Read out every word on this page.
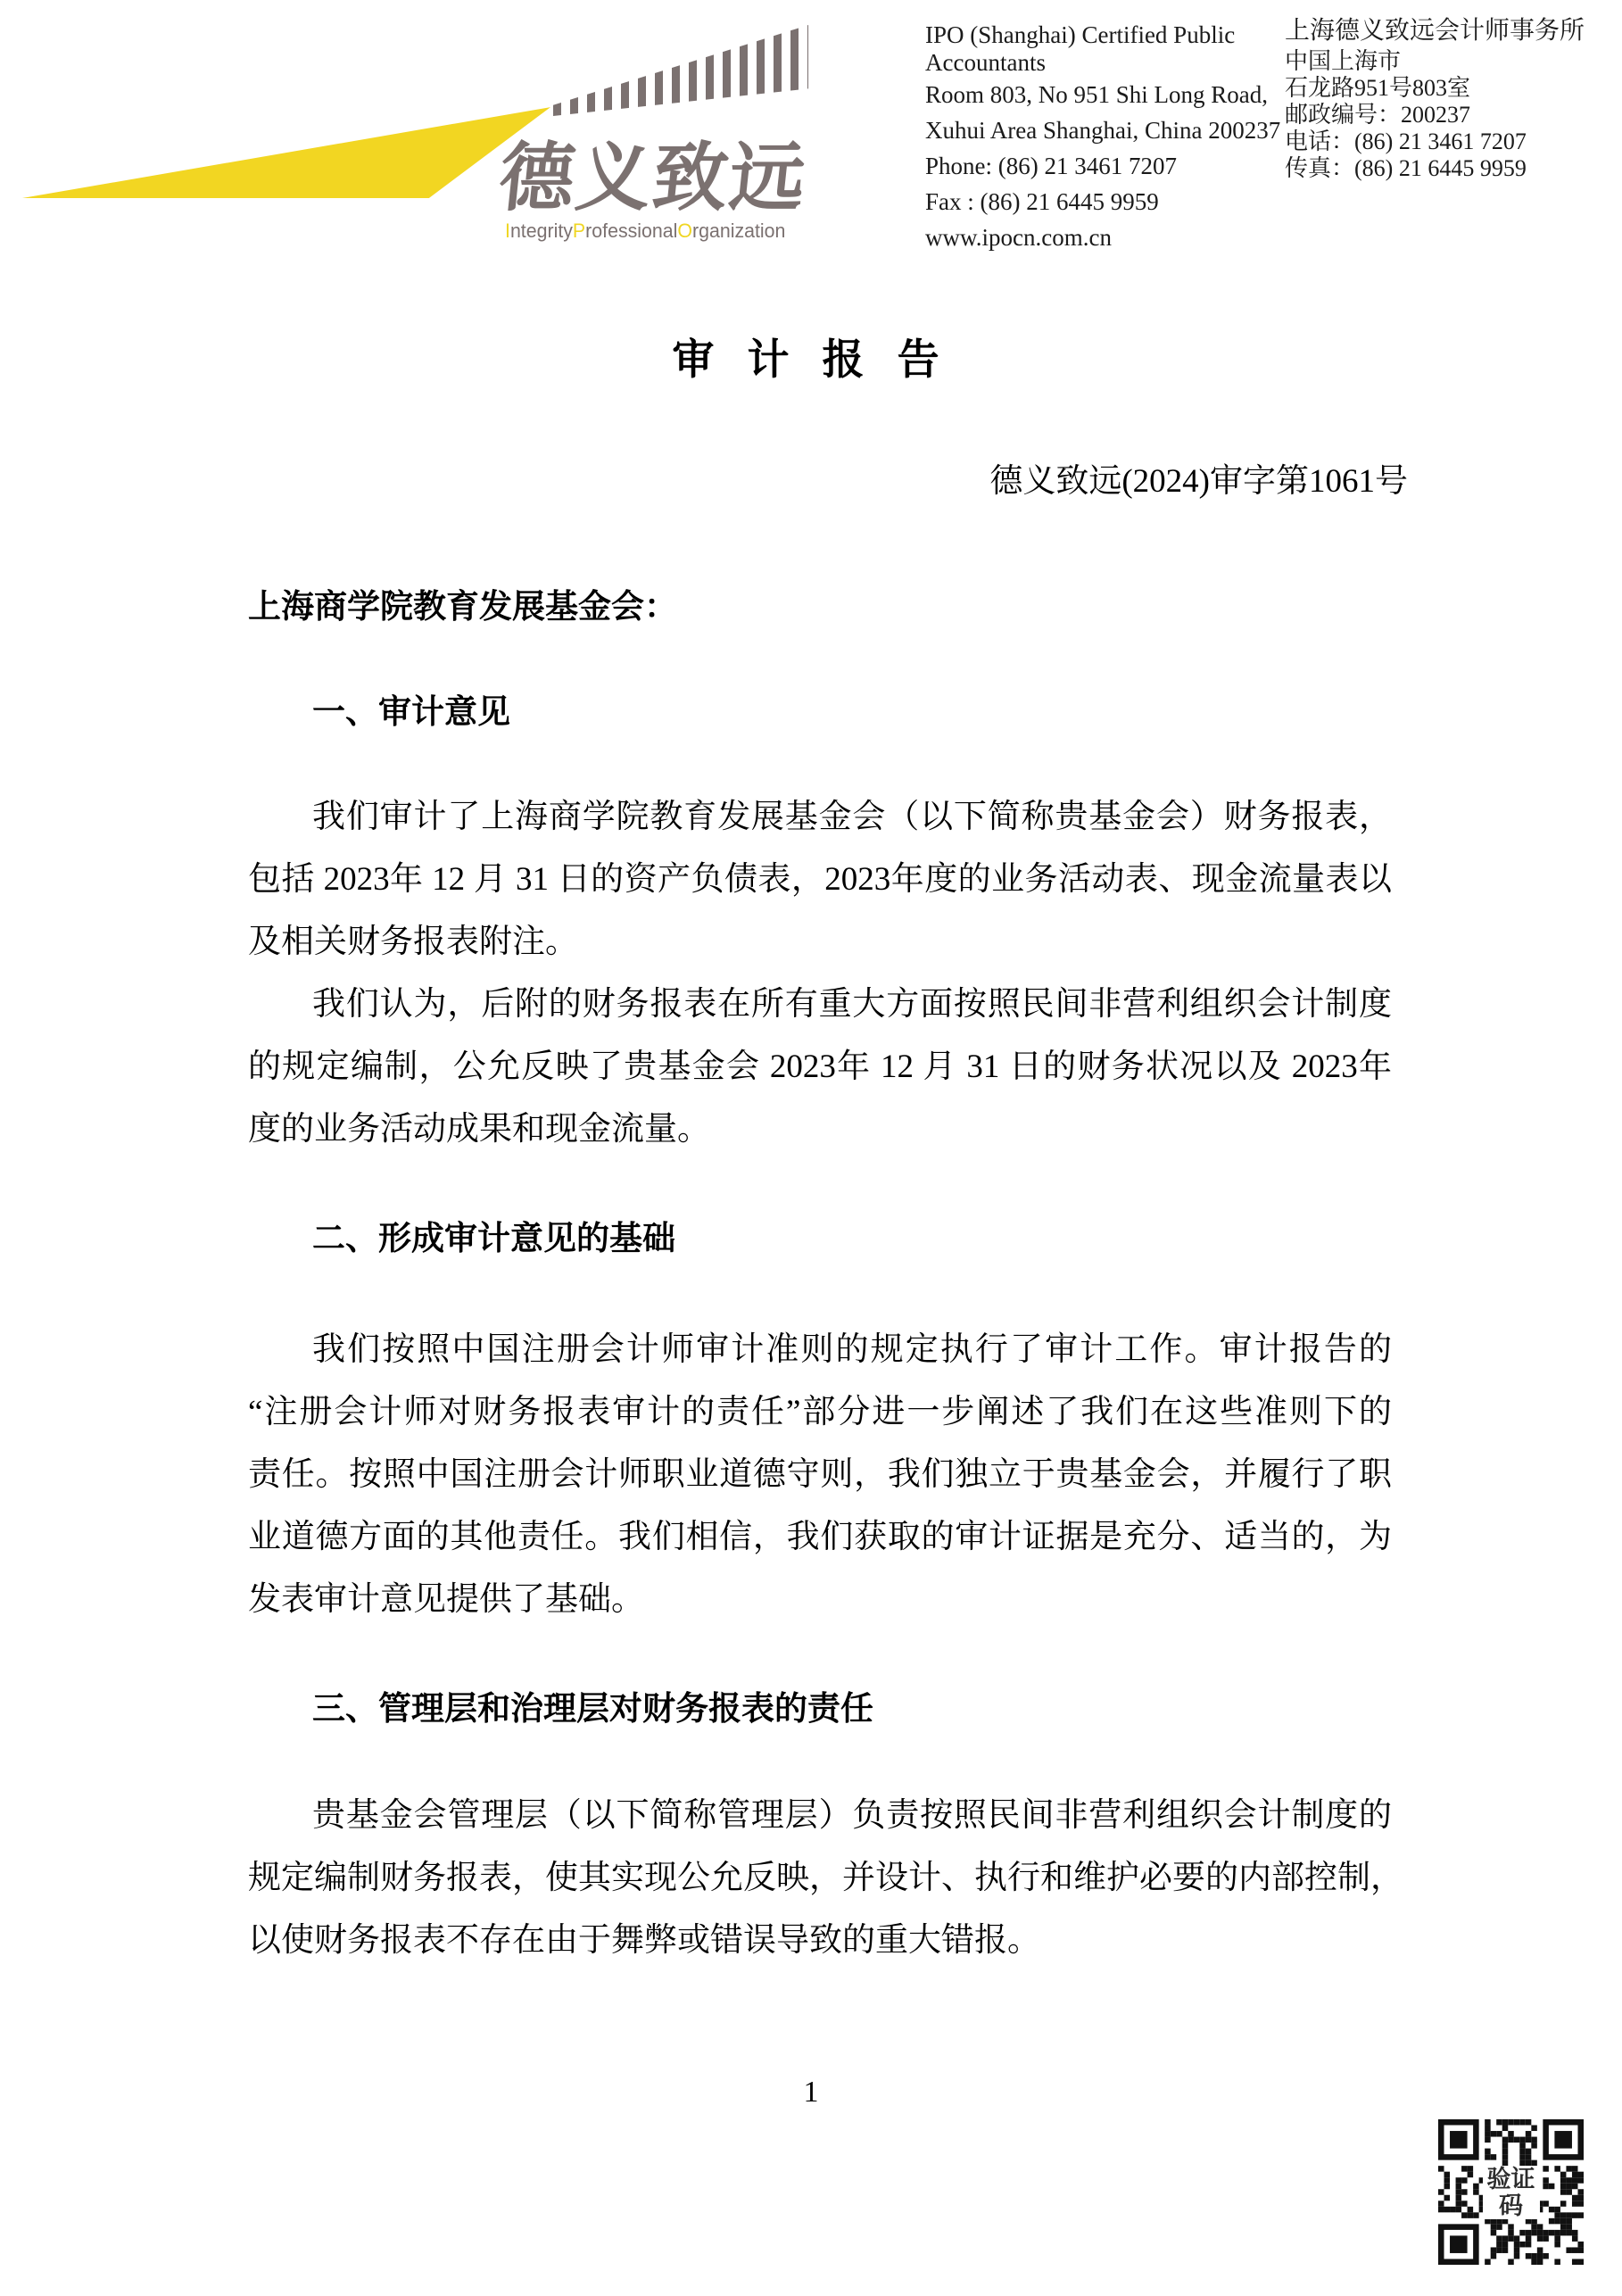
德义致远
IntegrityProfessionalOrganization
IPO (Shanghai) Certified Public
Accountants
Room 803, No 951 Shi Long Road,
Xuhui Area Shanghai, China 200237
Phone: (86) 21 3461 7207
Fax : (86) 21 6445 9959
www.ipocn.com.cn
上海德义致远会计师事务所
中国上海市
石龙路951号803室
邮政编号：200237
电话：(86) 21 3461 7207
传真：(86) 21 6445 9959
审 计 报 告
德义致远(2024)审字第1061号
上海商学院教育发展基金会：
一、审计意见
我们审计了上海商学院教育发展基金会（以下简称贵基金会）财务报表，
包括 2023年 12 月 31 日的资产负债表，2023年度的业务活动表、现金流量表以
及相关财务报表附注。
我们认为，后附的财务报表在所有重大方面按照民间非营利组织会计制度
的规定编制，公允反映了贵基金会 2023年 12 月 31 日的财务状况以及 2023年
度的业务活动成果和现金流量。
二、形成审计意见的基础
我们按照中国注册会计师审计准则的规定执行了审计工作。审计报告的
“注册会计师对财务报表审计的责任”部分进一步阐述了我们在这些准则下的
责任。按照中国注册会计师职业道德守则，我们独立于贵基金会，并履行了职
业道德方面的其他责任。我们相信，我们获取的审计证据是充分、适当的，为
发表审计意见提供了基础。
三、管理层和治理层对财务报表的责任
贵基金会管理层（以下简称管理层）负责按照民间非营利组织会计制度的
规定编制财务报表，使其实现公允反映，并设计、执行和维护必要的内部控制，
以使财务报表不存在由于舞弊或错误导致的重大错报。
1
验证码
